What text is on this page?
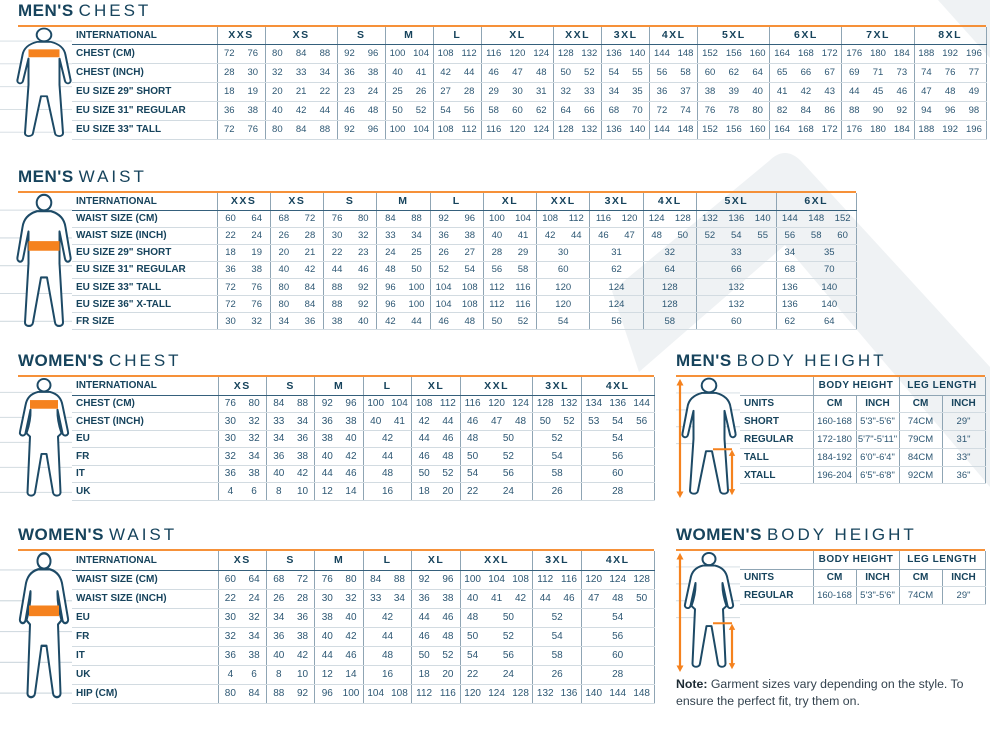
MEN'S CHEST
	INTERNATIONAL	XXS		XS			S		M		L		XL			XXL		3XL		4XL		5XL			6XL			7XL			8XL		
	CHEST (CM)	72	76	80	84	88	92	96	100	104	108	112	116	120	124	128	132	136	140	144	148	152	156	160	164	168	172	176	180	184	188	192	196
	CHEST (INCH)	28	30	32	33	34	36	38	40	41	42	44	46	47	48	50	52	54	55	56	58	60	62	64	65	66	67	69	71	73	74	76	77
	EU SIZE 29" SHORT	18	19	20	21	22	23	24	25	26	27	28	29	30	31	32	33	34	35	36	37	38	39	40	41	42	43	44	45	46	47	48	49
	EU SIZE 31" REGULAR	36	38	40	42	44	46	48	50	52	54	56	58	60	62	64	66	68	70	72	74	76	78	80	82	84	86	88	90	92	94	96	98
	EU SIZE 33" TALL	72	76	80	84	88	92	96	100	104	108	112	116	120	124	128	132	136	140	144	148	152	156	160	164	168	172	176	180	184	188	192	196
MEN'S WAIST
	INTERNATIONAL	XXS		XS		S		M		L		XL		XXL		3XL		4XL		5XL			6XL		
	WAIST SIZE (CM)	60	64	68	72	76	80	84	88	92	96	100	104	108	112	116	120	124	128	132	136	140	144	148	152
	WAIST SIZE (INCH)	22	24	26	28	30	32	33	34	36	38	40	41	42	44	46	47	48	50	52	54	55	56	58	60
	EU SIZE 29" SHORT	18	19	20	21	22	23	24	25	26	27	28	29	30		31		32		33			34	35	
	EU SIZE 31" REGULAR	36	38	40	42	44	46	48	50	52	54	56	58	60		62		64		66			68	70	
	EU SIZE 33" TALL	72	76	80	84	88	92	96	100	104	108	112	116	120		124		128		132			136	140	
	EU SIZE 36" X-TALL	72	76	80	84	88	92	96	100	104	108	112	116	120		124		128		132			136	140	
	FR SIZE	30	32	34	36	38	40	42	44	46	48	50	52	54		56		58		60			62	64	
WOMEN'S CHEST
	INTERNATIONAL	XS		S		M		L		XL		XXL			3XL		4XL		
	CHEST (CM)	76	80	84	88	92	96	100	104	108	112	116	120	124	128	132	134	136	144
	CHEST (INCH)	30	32	33	34	36	38	40	41	42	44	46	47	48	50	52	53	54	56
	EU	30	32	34	36	38	40	42		44	46	48	50		52		54		
	FR	32	34	36	38	40	42	44		46	48	50	52		54		56		
	IT	36	38	40	42	44	46	48		50	52	54	56		58		60		
	UK	4	6	8	10	12	14	16		18	20	22	24		26		28		
MEN'S BODY HEIGHT
		BODY HEIGHT		LEG LENGTH	
	UNITS	CM	INCH	CM	INCH
	SHORT	160-168	5'3"-5'6"	74CM	29"
	REGULAR	172-180	5'7"-5'11"	79CM	31"
	TALL	184-192	6'0"-6'4"	84CM	33"
	XTALL	196-204	6'5"-6'8"	92CM	36"
WOMEN'S WAIST
	INTERNATIONAL	XS		S		M		L		XL		XXL			3XL		4XL		
	WAIST SIZE (CM)	60	64	68	72	76	80	84	88	92	96	100	104	108	112	116	120	124	128
	WAIST SIZE (INCH)	22	24	26	28	30	32	33	34	36	38	40	41	42	44	46	47	48	50
	EU	30	32	34	36	38	40	42		44	46	48	50		52		54		
	FR	32	34	36	38	40	42	44		46	48	50	52		54		56		
	IT	36	38	40	42	44	46	48		50	52	54	56		58		60		
	UK	4	6	8	10	12	14	16		18	20	22	24		26		28		
	HIP (CM)	80	84	88	92	96	100	104	108	112	116	120	124	128	132	136	140	144	148
WOMEN'S BODY HEIGHT
		BODY HEIGHT		LEG LENGTH	
	UNITS	CM	INCH	CM	INCH
	REGULAR	160-168	5'3"-5'6"	74CM	29"
Note: Garment sizes vary depending on the style. To ensure the perfect fit, try them on.
